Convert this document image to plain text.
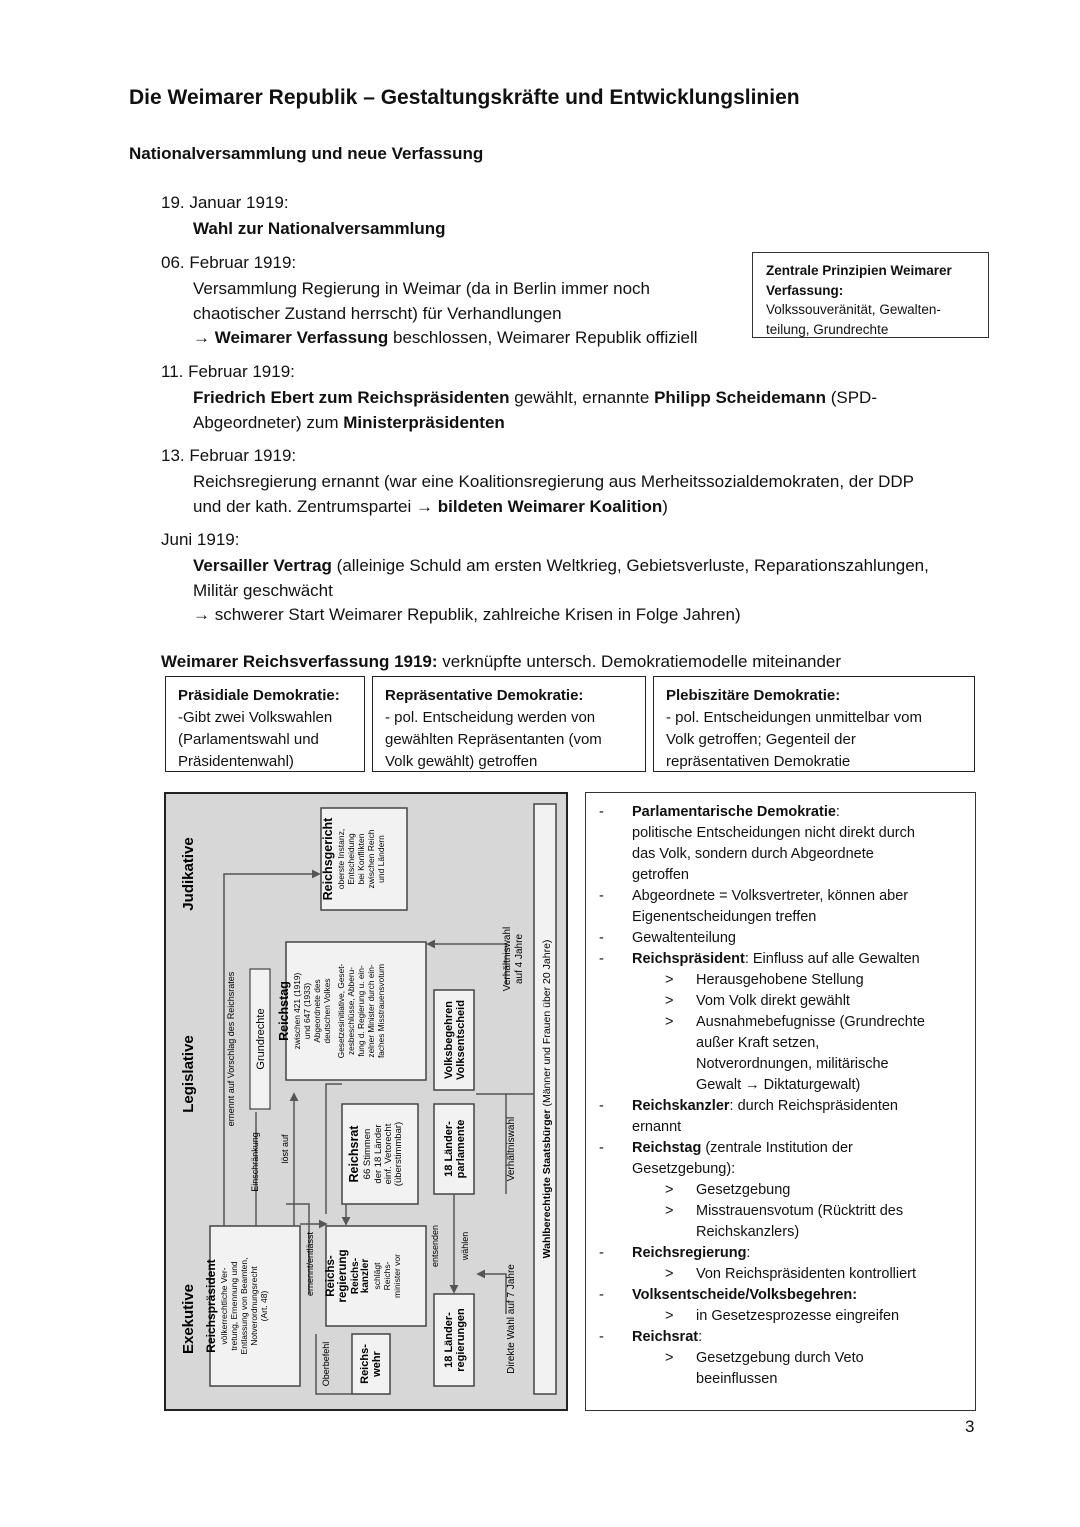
Die Weimarer Republik – Gestaltungskräfte und Entwicklungslinien
Nationalversammlung und neue Verfassung
19. Januar 1919:
Wahl zur Nationalversammlung
06. Februar 1919:
Versammlung Regierung in Weimar (da in Berlin immer noch
chaotischer Zustand herrscht) für Verhandlungen
→ Weimarer Verfassung beschlossen, Weimarer Republik offiziell
Zentrale Prinzipien Weimarer
Verfassung:
Volkssouveränität, Gewalten-
teilung, Grundrechte
11. Februar 1919:
Friedrich Ebert zum Reichspräsidenten gewählt, ernannte Philipp Scheidemann (SPD-
Abgeordneter) zum Ministerpräsidenten
13. Februar 1919:
Reichsregierung ernannt (war eine Koalitionsregierung aus Merheitssozialdemokraten, der DDP
und der kath. Zentrumspartei → bildeten Weimarer Koalition)
Juni 1919:
Versailler Vertrag (alleinige Schuld am ersten Weltkrieg, Gebietsverluste, Reparationszahlungen,
Militär geschwächt
→ schwerer Start Weimarer Republik, zahlreiche Krisen in Folge Jahren)
Weimarer Reichsverfassung 1919: verknüpfte untersch. Demokratiemodelle miteinander
Präsidiale Demokratie:
-Gibt zwei Volkswahlen
(Parlamentswahl und
Präsidentenwahl)
Repräsentative Demokratie:
- pol. Entscheidung werden von
gewählten Repräsentanten (vom
Volk gewählt) getroffen
Plebiszitäre Demokratie:
- pol. Entscheidungen unmittelbar vom
Volk getroffen; Gegenteil der
repräsentativen Demokratie
Judikative
Legislative
Exekutive
Reichsgericht oberste Instanz, Entscheidung bei Konflikten zwischen Reich und Ländern
Reichstag zwischen 421 (1919) und 647 (1933) Abgeordnete des deutschen Volkes Gesetzesinitiative, Geset- zesbeschlüsse, Abberu- fung d. Regierung u. ein- zelner Minister durch ein- faches Misstrauensvotum
Grundrechte
Reichsrat 66 Stimmen der 18 Länder einf. Vetorecht (überstimmbar)
Volksbegehren Volksentscheid
18 Länder- parlamente
Reichspräsident völkerrechtliche Ver- tretung, Ernennung und Entlassung von Beamten, Notverordnungsrecht (Art. 48)
Reichs- regierung Reichs- kanzler schlägt Reichs- minister vor
Reichs- wehr	18 Länder- regierungen
Wahlberechtigte Staatsbürger (Männer und Frauen über 20 Jahre)
ernennt auf Vorschlag des Reichsrates
Einschränkung löst auf
ernennt/entlässt
Oberbefehl
entsenden wählen
Verhältniswahl auf 4 Jahre
Verhältniswahl
Direkte Wahl auf 7 Jahre
- Parlamentarische Demokratie:
politische Entscheidungen nicht direkt durch
das Volk, sondern durch Abgeordnete
getroffen
- Abgeordnete = Volksvertreter, können aber
Eigenentscheidungen treffen
- Gewaltenteilung
- Reichspräsident: Einfluss auf alle Gewalten
> Herausgehobene Stellung
> Vom Volk direkt gewählt
> Ausnahmebefugnisse (Grundrechte
außer Kraft setzen,
Notverordnungen, militärische
Gewalt → Diktaturgewalt)
- Reichskanzler: durch Reichspräsidenten
ernannt
- Reichstag (zentrale Institution der
Gesetzgebung):
> Gesetzgebung
> Misstrauensvotum (Rücktritt des
Reichskanzlers)
- Reichsregierung:
> Von Reichspräsidenten kontrolliert
- Volksentscheide/Volksbegehren:
> in Gesetzesprozesse eingreifen
- Reichsrat:
> Gesetzgebung durch Veto
beeinflussen
3
